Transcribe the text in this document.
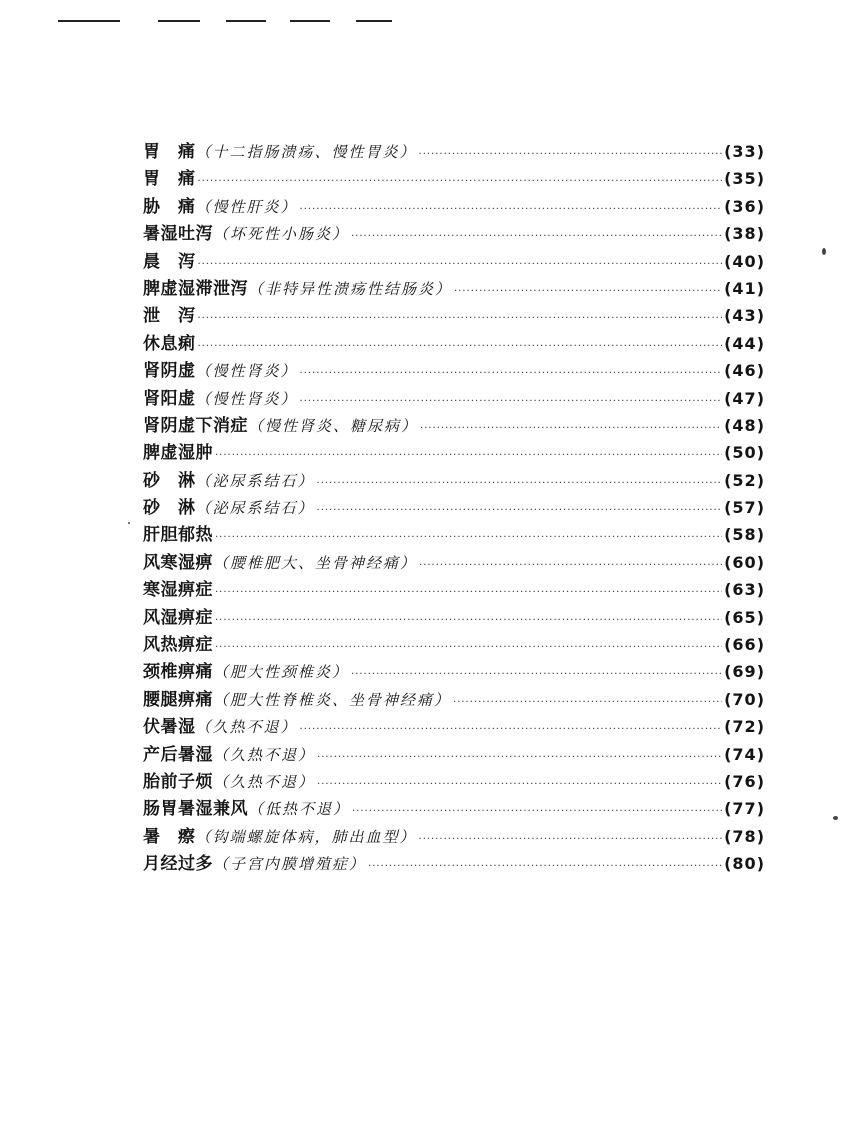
胃　痛（十二指肠溃疡、慢性胃炎） ·····	(33)
胃　痛 ·····	(35)
胁　痛（慢性肝炎） ·····	(36)
暑湿吐泻（坏死性小肠炎） ·····	(38)
晨　泻 ·····	(40)
脾虚湿滞泄泻（非特异性溃疡性结肠炎） ·····	(41)
泄　泻 ·····	(43)
休息痢 ·····	(44)
肾阴虚（慢性肾炎） ·····	(46)
肾阳虚（慢性肾炎） ·····	(47)
肾阴虚下消症（慢性肾炎、糖尿病） ·····	(48)
脾虚湿肿 ·····	(50)
砂　淋（泌尿系结石） ·····	(52)
砂　淋（泌尿系结石） ·····	(57)
肝胆郁热 ·····	(58)
风寒湿痹（腰椎肥大、坐骨神经痛） ·····	(60)
寒湿痹症 ·····	(63)
风湿痹症 ·····	(65)
风热痹症 ·····	(66)
颈椎痹痛（肥大性颈椎炎） ·····	(69)
腰腿痹痛（肥大性脊椎炎、坐骨神经痛） ·····	(70)
伏暑湿（久热不退） ·····	(72)
产后暑湿（久热不退） ·····	(74)
胎前子烦（久热不退） ·····	(76)
肠胃暑湿兼风（低热不退） ·····	(77)
暑　瘵（钩端螺旋体病，肺出血型） ·····	(78)
月经过多（子宫内膜增殖症） ·····	(80)
